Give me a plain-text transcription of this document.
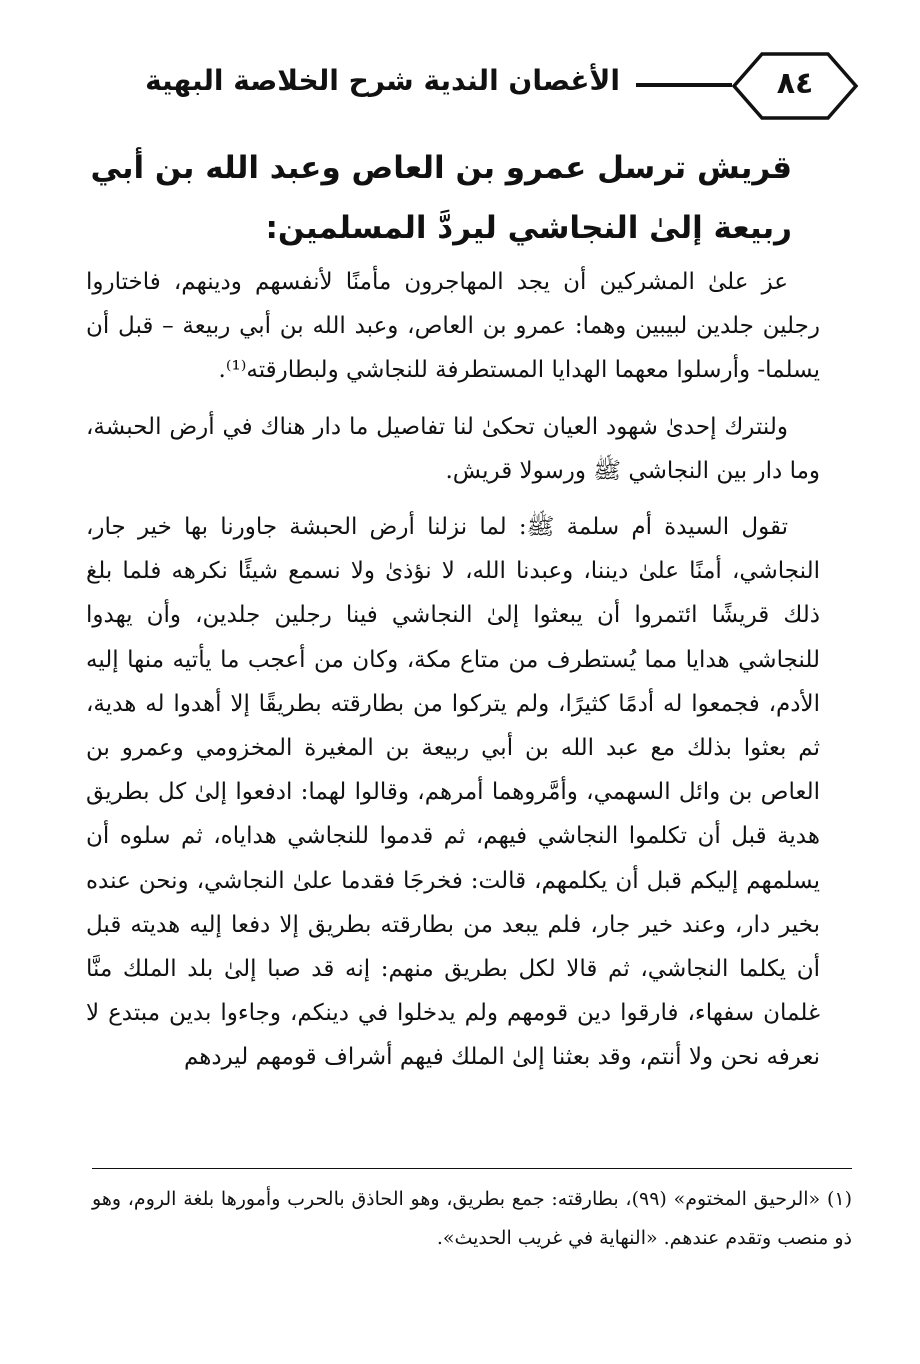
٨٤
الأغصان الندية شرح الخلاصة البهية
قريش ترسل عمرو بن العاص وعبد الله بن أبي ربيعة إلىٰ النجاشي ليردَّ المسلمين:

عز علىٰ المشركين أن يجد المهاجرون مأمنًا لأنفسهم ودينهم، فاختاروا رجلين جلدين لبيبين وهما: عمرو بن العاص، وعبد الله بن أبي ربيعة – قبل أن يسلما- وأرسلوا معهما الهدايا المستطرفة للنجاشي ولبطارقته⁽¹⁾.

ولنترك إحدىٰ شهود العيان تحكىٰ لنا تفاصيل ما دار هناك في أرض الحبشة، وما دار بين النجاشي ﷺ ورسولا قريش.

تقول السيدة أم سلمة ﷺ: لما نزلنا أرض الحبشة جاورنا بها خير جار، النجاشي، أمنًا علىٰ ديننا، وعبدنا الله، لا نؤذىٰ ولا نسمع شيئًا نكرهه فلما بلغ ذلك قريشًا ائتمروا أن يبعثوا إلىٰ النجاشي فينا رجلين جلدين، وأن يهدوا للنجاشي هدايا مما يُستطرف من متاع مكة، وكان من أعجب ما يأتيه منها إليه الأدم، فجمعوا له أدمًا كثيرًا، ولم يتركوا من بطارقته بطريقًا إلا أهدوا له هدية، ثم بعثوا بذلك مع عبد الله بن أبي ربيعة بن المغيرة المخزومي وعمرو بن العاص بن وائل السهمي، وأمَّروهما أمرهم، وقالوا لهما: ادفعوا إلىٰ كل بطريق هدية قبل أن تكلموا النجاشي فيهم، ثم قدموا للنجاشي هداياه، ثم سلوه أن يسلمهم إليكم قبل أن يكلمهم، قالت: فخرجَا فقدما علىٰ النجاشي، ونحن عنده بخير دار، وعند خير جار، فلم يبعد من بطارقته بطريق إلا دفعا إليه هديته قبل أن يكلما النجاشي، ثم قالا لكل بطريق منهم: إنه قد صبا إلىٰ بلد الملك منَّا غلمان سفهاء، فارقوا دين قومهم ولم يدخلوا في دينكم، وجاءوا بدين مبتدع لا نعرفه نحن ولا أنتم، وقد بعثنا إلىٰ الملك فيهم أشراف قومهم ليردهم

(١) «الرحيق المختوم» (٩٩)، بطارقته: جمع بطريق، وهو الحاذق بالحرب وأمورها بلغة الروم، وهو ذو منصب وتقدم عندهم. «النهاية في غريب الحديث».
